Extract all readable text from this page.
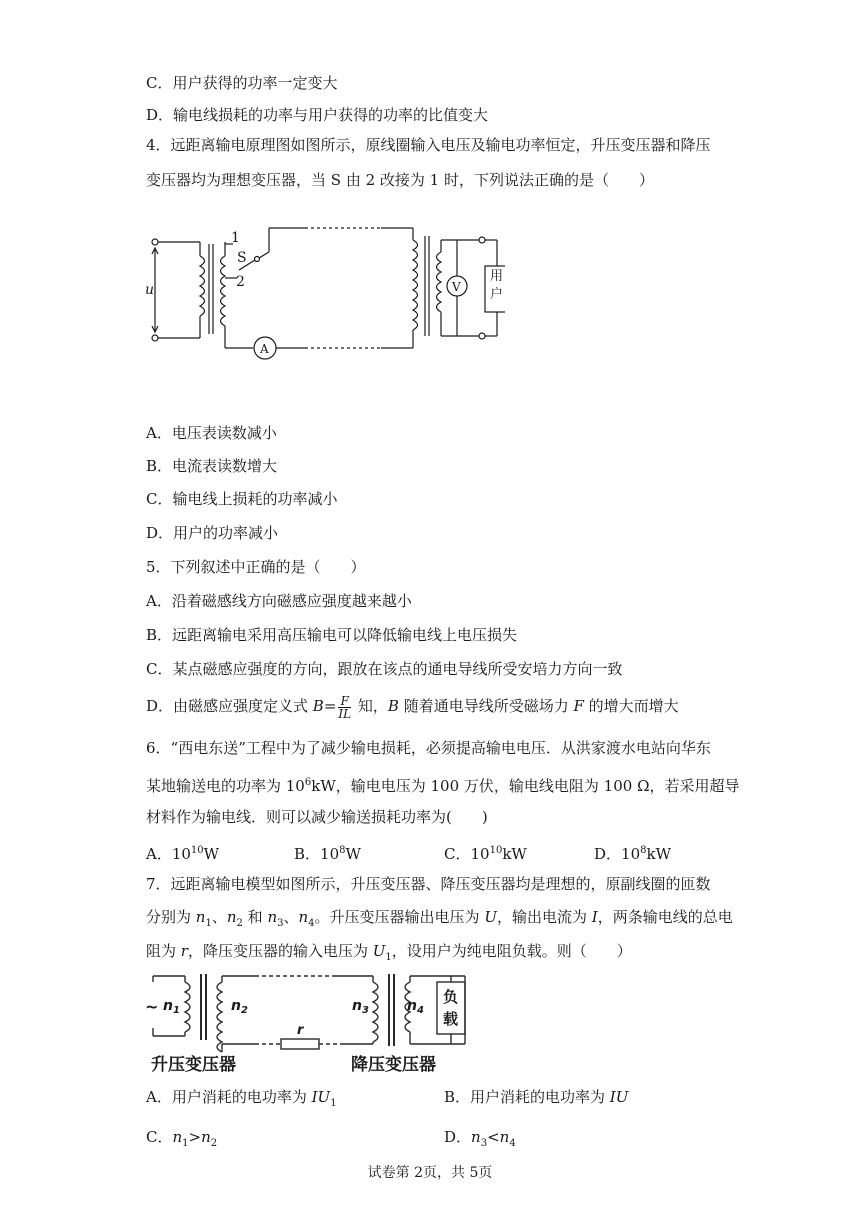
C．用户获得的功率一定变大
D．输电线损耗的功率与用户获得的功率的比值变大
4．远距离输电原理图如图所示，原线圈输入电压及输电功率恒定，升压变压器和降压
变压器均为理想变压器，当 S 由 2 改接为 1 时，下列说法正确的是（　　）
u
1
2
S
A
V
用户
A．电压表读数减小
B．电流表读数增大
C．输电线上损耗的功率减小
D．用户的功率减小
5．下列叙述中正确的是（　　）
A．沿着磁感线方向磁感应强度越来越小
B．远距离输电采用高压输电可以降低输电线上电压损失
C．某点磁感应强度的方向，跟放在该点的通电导线所受安培力方向一致
D．由磁感应强度定义式 $B= \frac{F}{IL}$ 知，B 随着通电导线所受磁场力 F 的增大而增大
6．“西电东送”工程中为了减少输电损耗，必须提高输电电压．从洪家渡水电站向华东
某地输送电的功率为 $10^6kW$，输电电压为 100 万伏，输电线电阻为 100 Ω，若采用超导
材料作为输电线．则可以减少输送损耗功率为(　　)
A．$10^{10}W$	B．$10^8W$	C．$10^{10}kW$	D．$10^8kW$
7．远距离输电模型如图所示，升压变压器、降压变压器均是理想的，原副线圈的匝数
分别为 $n_1$、$n_2$ 和 $n_3$、$n_4$。升压变压器输出电压为 U，输出电流为 I，两条输电线的总电
阻为 r，降压变压器的输入电压为 $U_1$，设用户为纯电阻负载。则（　　）
~ $n_1$	$n_2$	$n_3$	$n_4$
r
负
载
升压变压器	降压变压器
A．用户消耗的电功率为 $IU_1$	B．用户消耗的电功率为 IU
C．$n_1>n_2$	D．$n_3<n_4$
试卷第 2页，共 5页
